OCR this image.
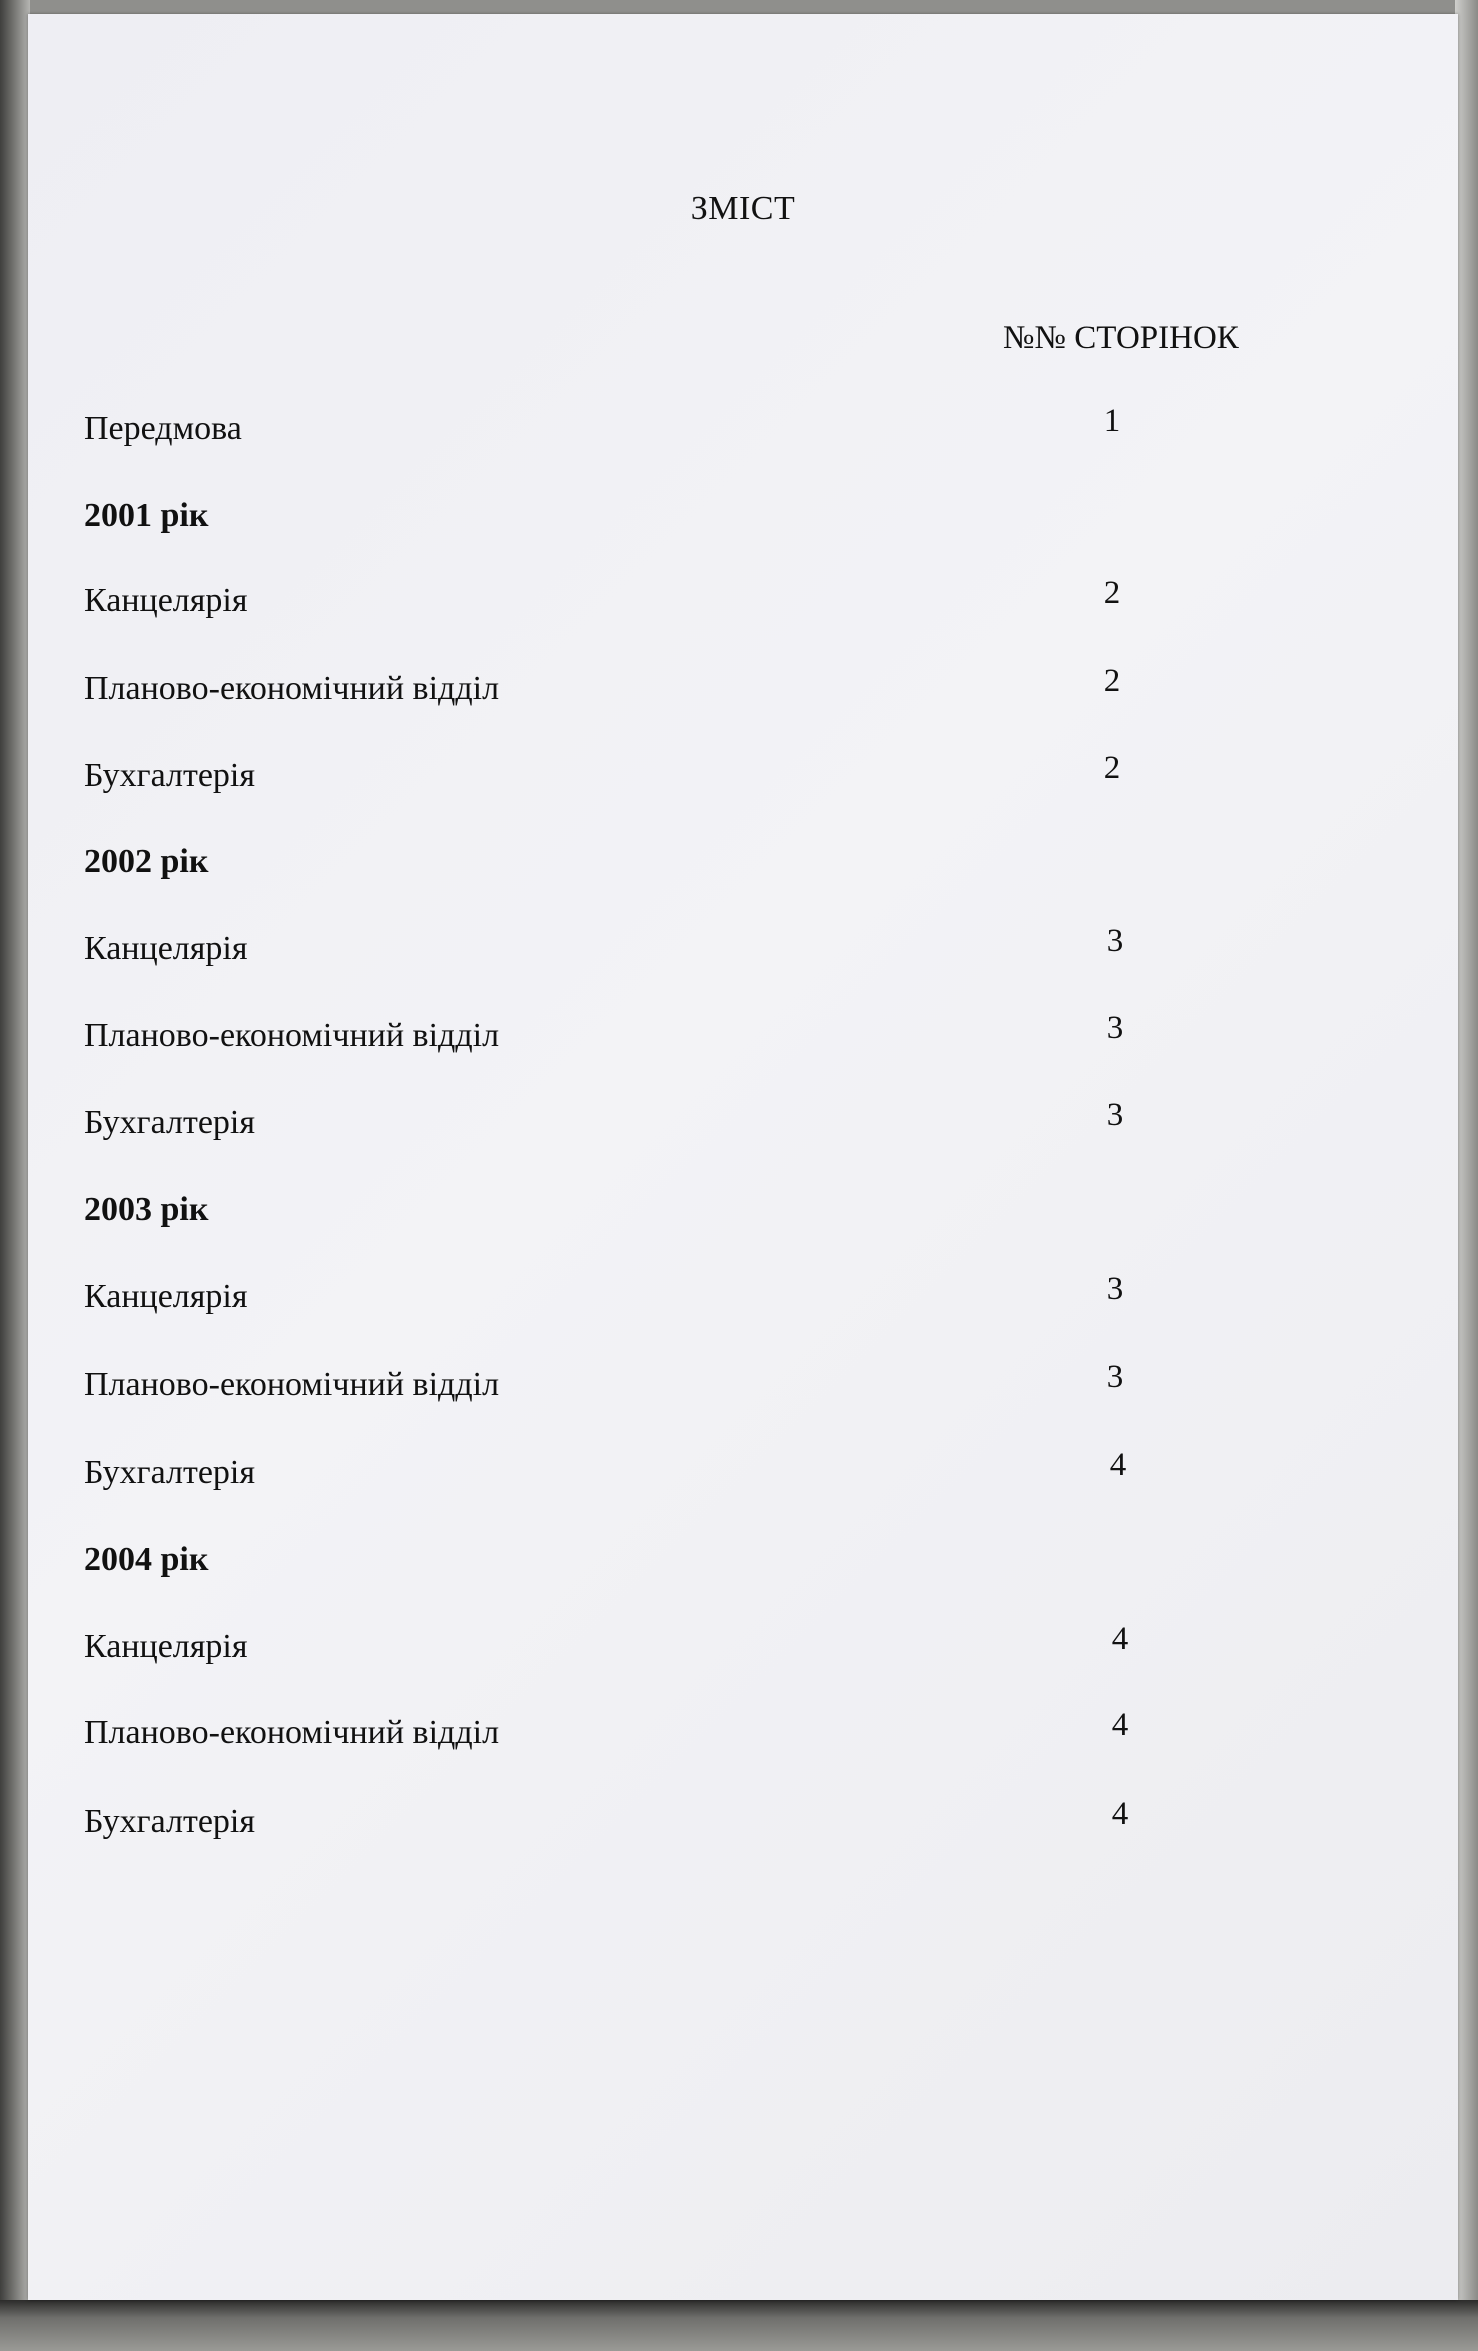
ЗМІСТ
№№ СТОРІНОК
Передмова	1
2001 рік
Канцелярія	2
Планово-економічний відділ	2
Бухгалтерія	2
2002 рік
Канцелярія	3
Планово-економічний відділ	3
Бухгалтерія	3
2003 рік
Канцелярія	3
Планово-економічний відділ	3
Бухгалтерія	4
2004 рік
Канцелярія	4
Планово-економічний відділ	4
Бухгалтерія	4
